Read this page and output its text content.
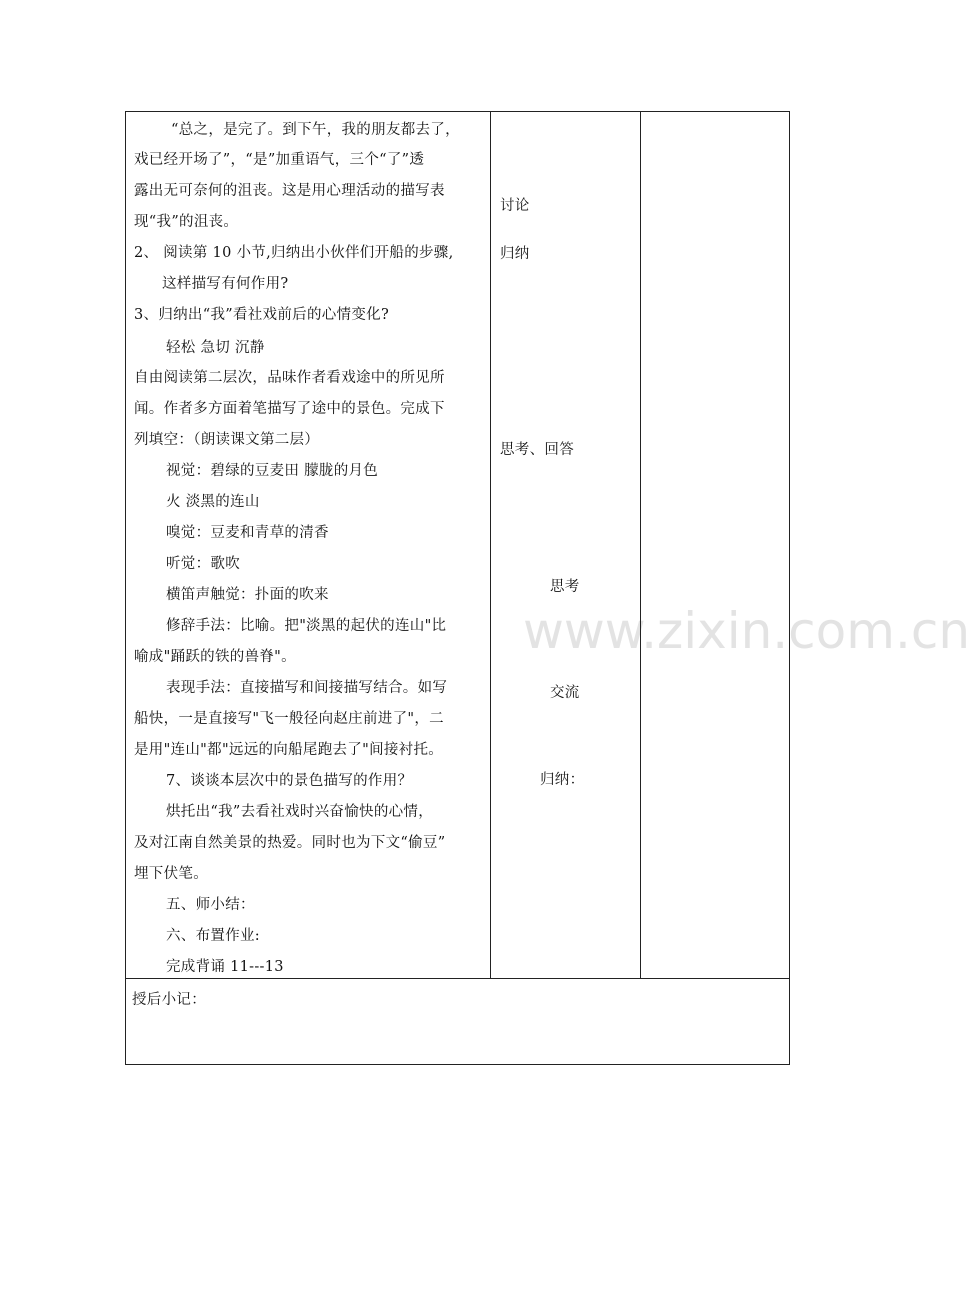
www.zixin.com.cn
“总之，是完了。到下午，我的朋友都去了，
戏已经开场了”，“是”加重语气，三个“了”透
露出无可奈何的沮丧。这是用心理活动的描写表
现“我”的沮丧。
2、 阅读第 10 小节,归纳出小伙伴们开船的步骤,
这样描写有何作用?
3、归纳出“我”看社戏前后的心情变化?
轻松 急切 沉静
自由阅读第二层次，品味作者看戏途中的所见所
闻。作者多方面着笔描写了途中的景色。完成下
列填空：（朗读课文第二层）
视觉：碧绿的豆麦田 朦胧的月色
火 淡黑的连山
嗅觉：豆麦和青草的清香
听觉：歌吹
横笛声触觉：扑面的吹来
修辞手法：比喻。把"淡黑的起伏的连山"比
喻成"踊跃的铁的兽脊"。
表现手法：直接描写和间接描写结合。如写
船快，一是直接写"飞一般径向赵庄前进了"，二
是用"连山"都"远远的向船尾跑去了"间接衬托。
7、谈谈本层次中的景色描写的作用？
烘托出“我”去看社戏时兴奋愉快的心情，
及对江南自然美景的热爱。同时也为下文“偷豆”
埋下伏笔。
五、师小结：
六、布置作业:
完成背诵 11---13
讨论
归纳
思考、回答
思考
交流
归纳：
授后小记：
